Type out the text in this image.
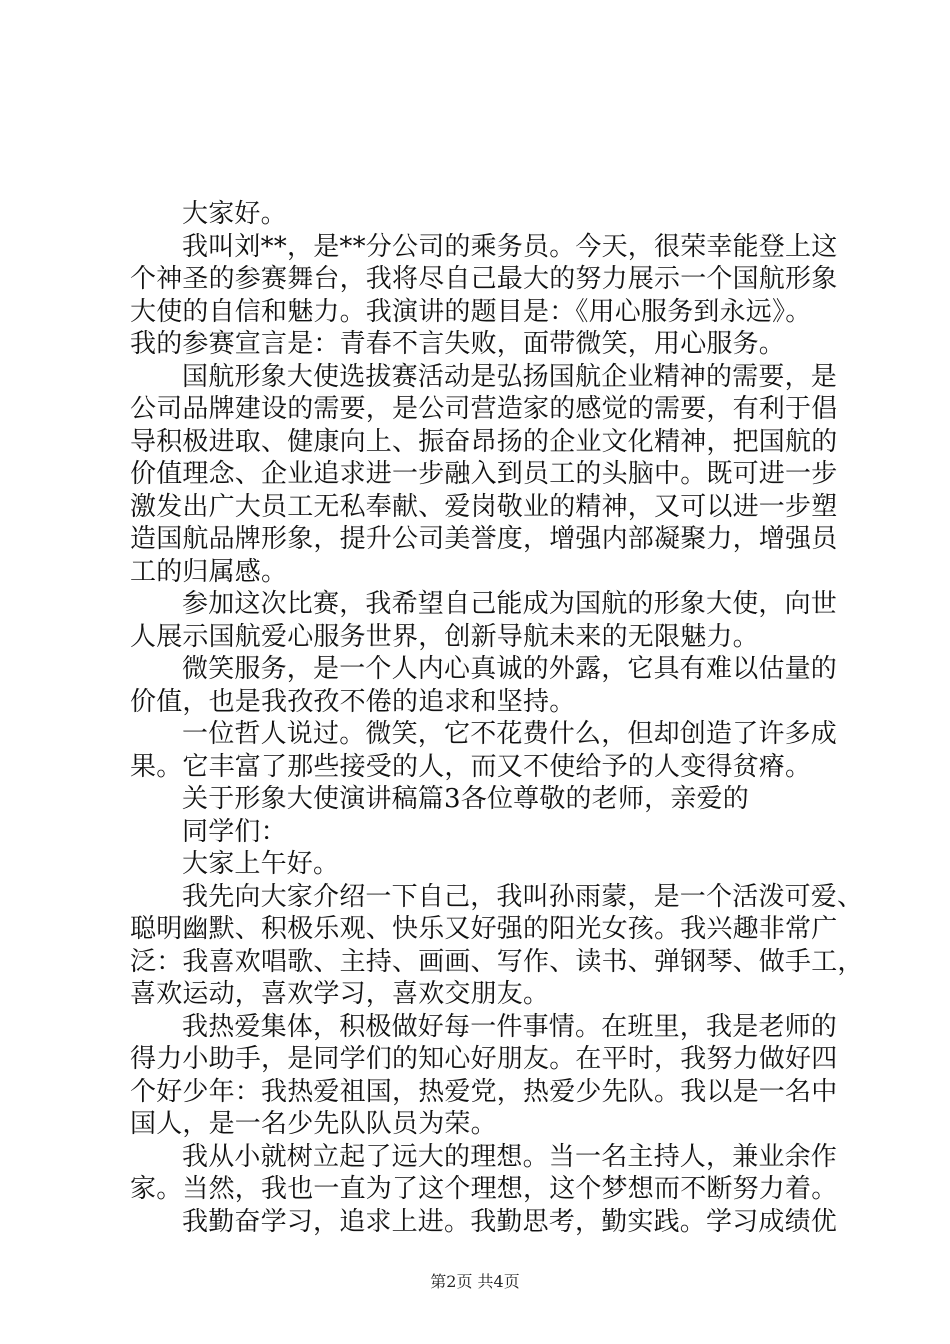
大家好。
我叫刘**，是**分公司的乘务员。今天，很荣幸能登上这
个神圣的参赛舞台，我将尽自己最大的努力展示一个国航形象
大使的自信和魅力。我演讲的题目是：《用心服务到永远》。
我的参赛宣言是：青春不言失败，面带微笑，用心服务。
国航形象大使选拔赛活动是弘扬国航企业精神的需要，是
公司品牌建设的需要，是公司营造家的感觉的需要，有利于倡
导积极进取、健康向上、振奋昂扬的企业文化精神，把国航的
价值理念、企业追求进一步融入到员工的头脑中。既可进一步
激发出广大员工无私奉献、爱岗敬业的精神，又可以进一步塑
造国航品牌形象，提升公司美誉度，增强内部凝聚力，增强员
工的归属感。
参加这次比赛，我希望自己能成为国航的形象大使，向世
人展示国航爱心服务世界，创新导航未来的无限魅力。
微笑服务，是一个人内心真诚的外露，它具有难以估量的
价值，也是我孜孜不倦的追求和坚持。
一位哲人说过。微笑，它不花费什么，但却创造了许多成
果。它丰富了那些接受的人，而又不使给予的人变得贫瘠。
关于形象大使演讲稿篇3各位尊敬的老师，亲爱的
同学们：
大家上午好。
我先向大家介绍一下自己，我叫孙雨蒙，是一个活泼可爱、
聪明幽默、积极乐观、快乐又好强的阳光女孩。我兴趣非常广
泛：我喜欢唱歌、主持、画画、写作、读书、弹钢琴、做手工，
喜欢运动，喜欢学习，喜欢交朋友。
我热爱集体，积极做好每一件事情。在班里，我是老师的
得力小助手，是同学们的知心好朋友。在平时，我努力做好四
个好少年：我热爱祖国，热爱党，热爱少先队。我以是一名中
国人，是一名少先队队员为荣。
我从小就树立起了远大的理想。当一名主持人，兼业余作
家。当然，我也一直为了这个理想，这个梦想而不断努力着。
我勤奋学习，追求上进。我勤思考，勤实践。学习成绩优
第2页 共4页
